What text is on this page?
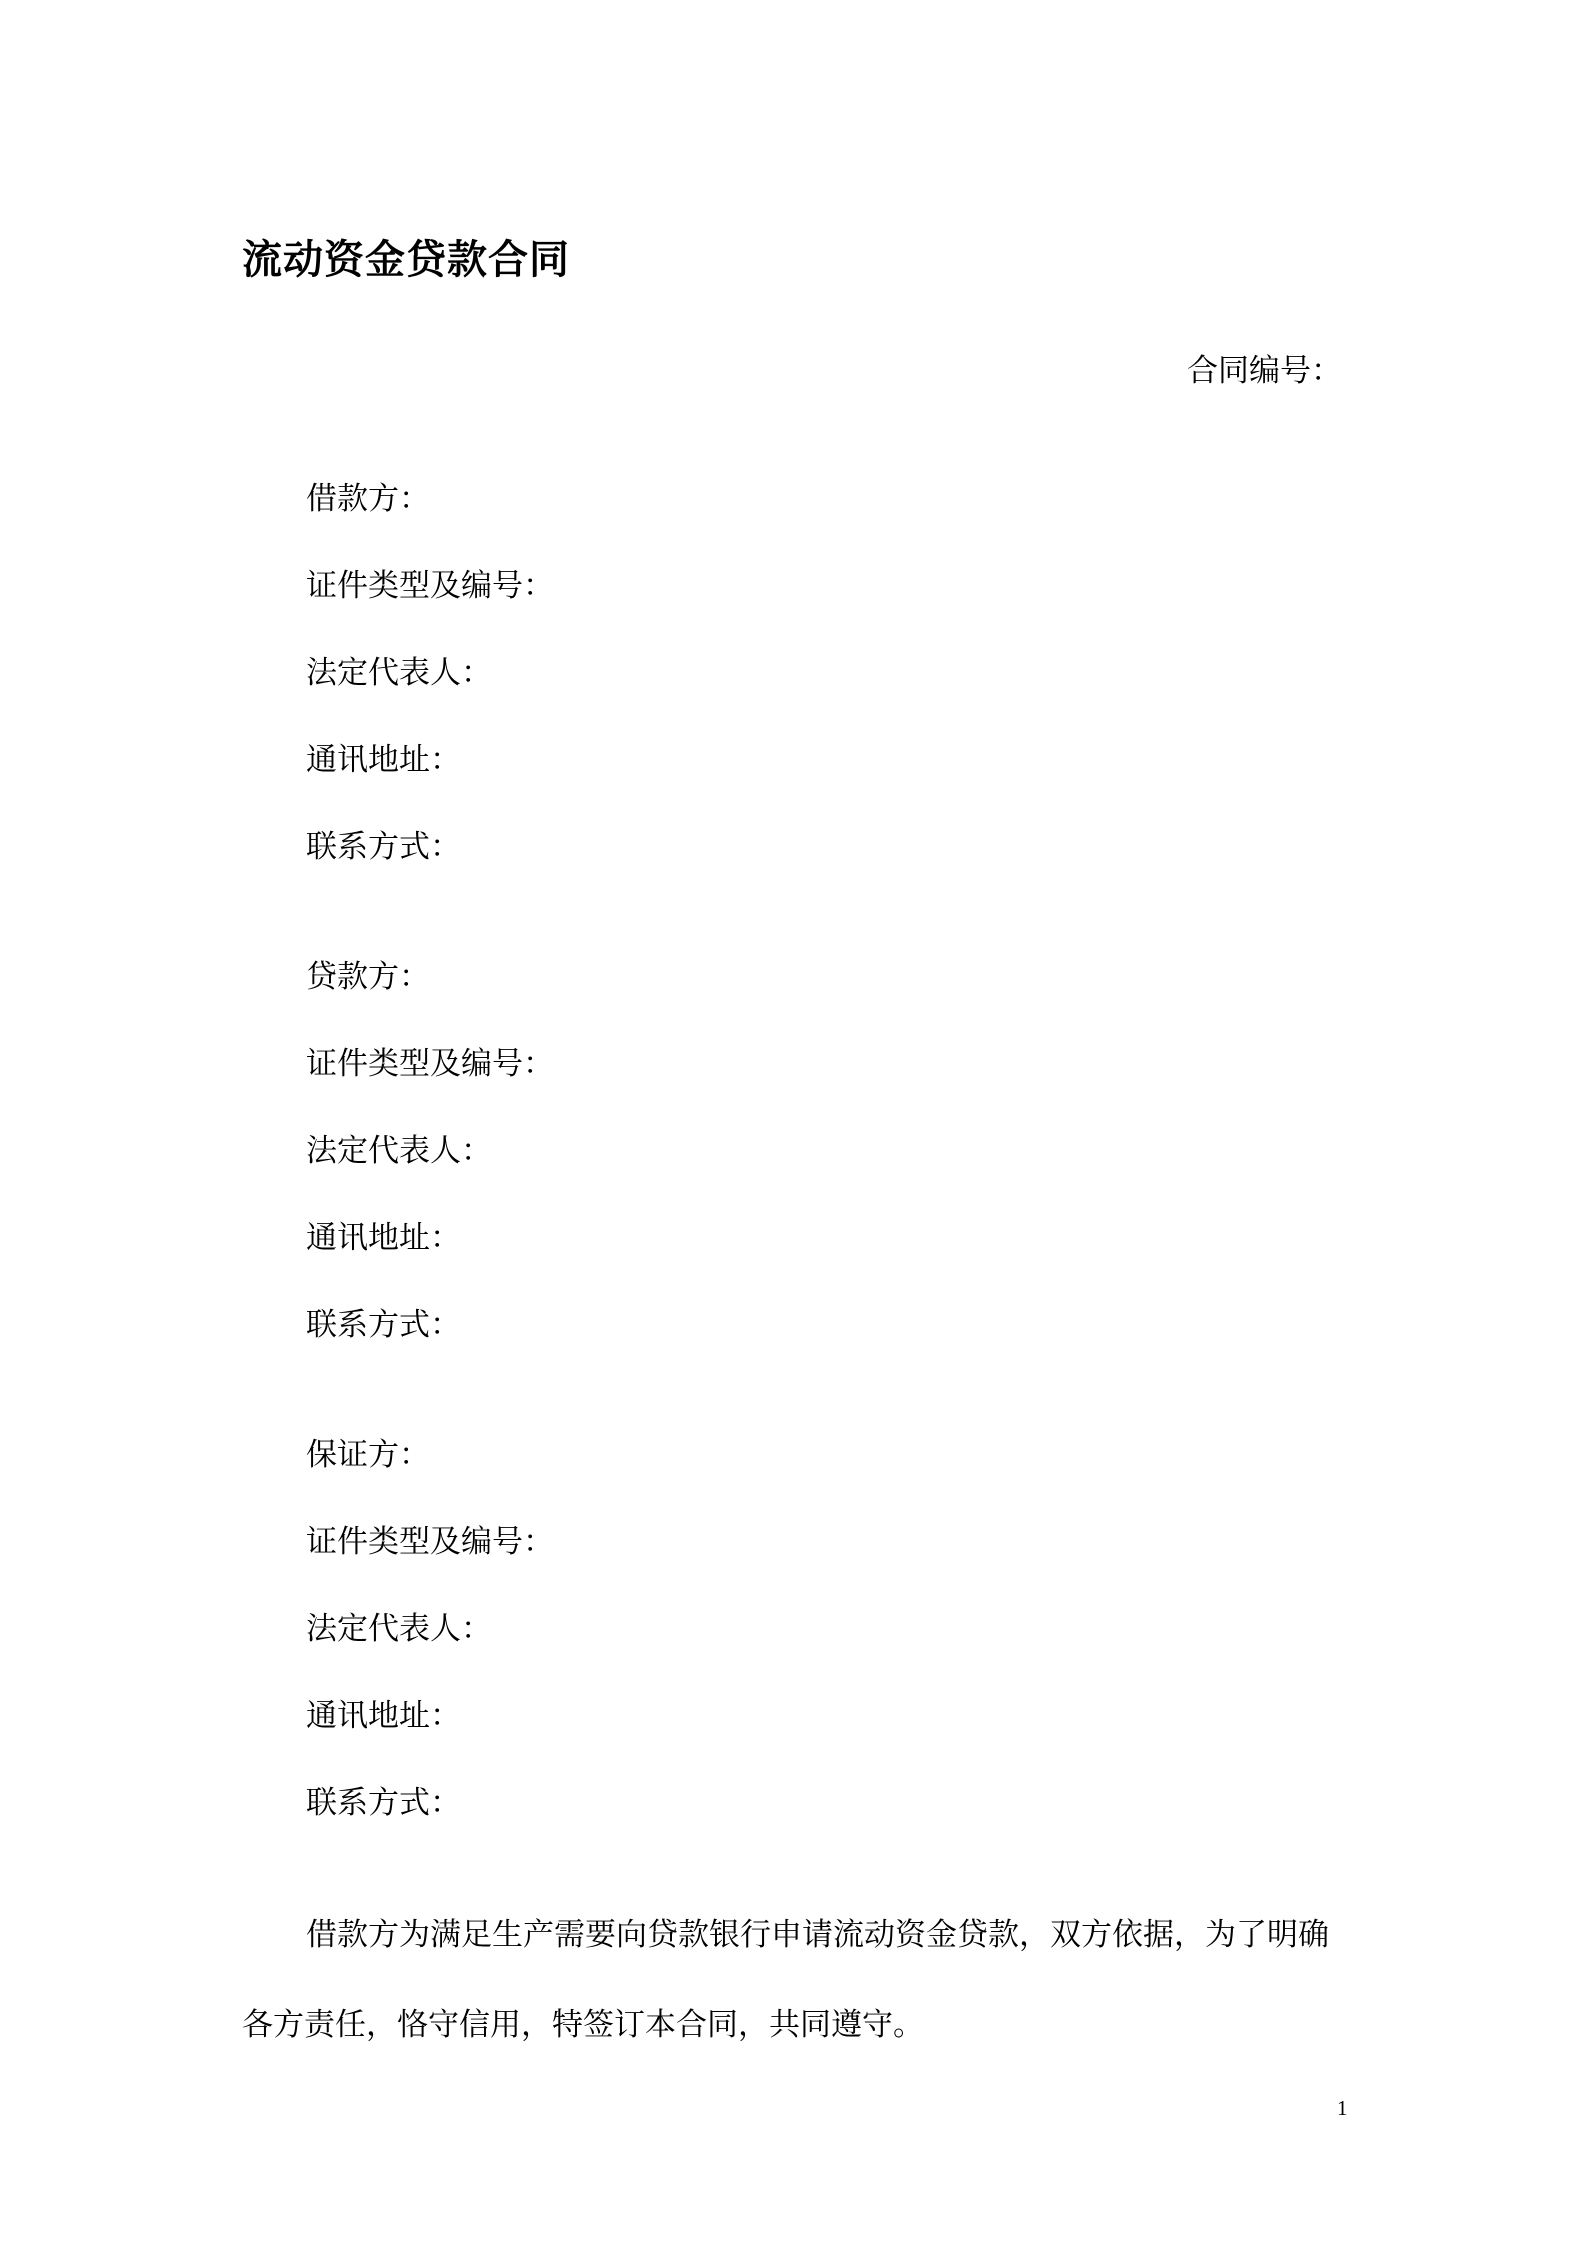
流动资金贷款合同
合同编号：
借款方：
证件类型及编号：
法定代表人：
通讯地址：
联系方式：
贷款方：
证件类型及编号：
法定代表人：
通讯地址：
联系方式：
保证方：
证件类型及编号：
法定代表人：
通讯地址：
联系方式：
借款方为满足生产需要向贷款银行申请流动资金贷款，双方依据，为了明确
各方责任，恪守信用，特签订本合同，共同遵守。
1
